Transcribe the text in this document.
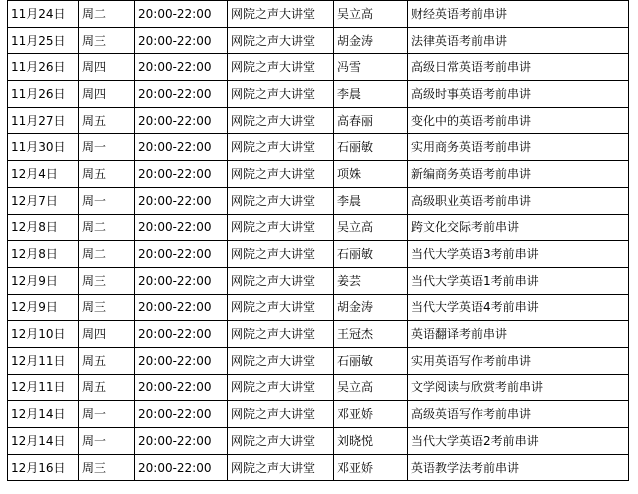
11月24日	周二	20:00-22:00	网院之声大讲堂	吴立高	财经英语考前串讲
11月25日	周三	20:00-22:00	网院之声大讲堂	胡金涛	法律英语考前串讲
11月26日	周四	20:00-22:00	网院之声大讲堂	冯雪	高级日常英语考前串讲
11月26日	周四	20:00-22:00	网院之声大讲堂	李晨	高级时事英语考前串讲
11月27日	周五	20:00-22:00	网院之声大讲堂	高春丽	变化中的英语考前串讲
11月30日	周一	20:00-22:00	网院之声大讲堂	石丽敏	实用商务英语考前串讲
12月4日	周五	20:00-22:00	网院之声大讲堂	项姝	新编商务英语考前串讲
12月7日	周一	20:00-22:00	网院之声大讲堂	李晨	高级职业英语考前串讲
12月8日	周二	20:00-22:00	网院之声大讲堂	吴立高	跨文化交际考前串讲
12月8日	周二	20:00-22:00	网院之声大讲堂	石丽敏	当代大学英语3考前串讲
12月9日	周三	20:00-22:00	网院之声大讲堂	姜芸	当代大学英语1考前串讲
12月9日	周三	20:00-22:00	网院之声大讲堂	胡金涛	当代大学英语4考前串讲
12月10日	周四	20:00-22:00	网院之声大讲堂	王冠杰	英语翻译考前串讲
12月11日	周五	20:00-22:00	网院之声大讲堂	石丽敏	实用英语写作考前串讲
12月11日	周五	20:00-22:00	网院之声大讲堂	吴立高	文学阅读与欣赏考前串讲
12月14日	周一	20:00-22:00	网院之声大讲堂	邓亚娇	高级英语写作考前串讲
12月14日	周一	20:00-22:00	网院之声大讲堂	刘晓悦	当代大学英语2考前串讲
12月16日	周三	20:00-22:00	网院之声大讲堂	邓亚娇	英语教学法考前串讲
